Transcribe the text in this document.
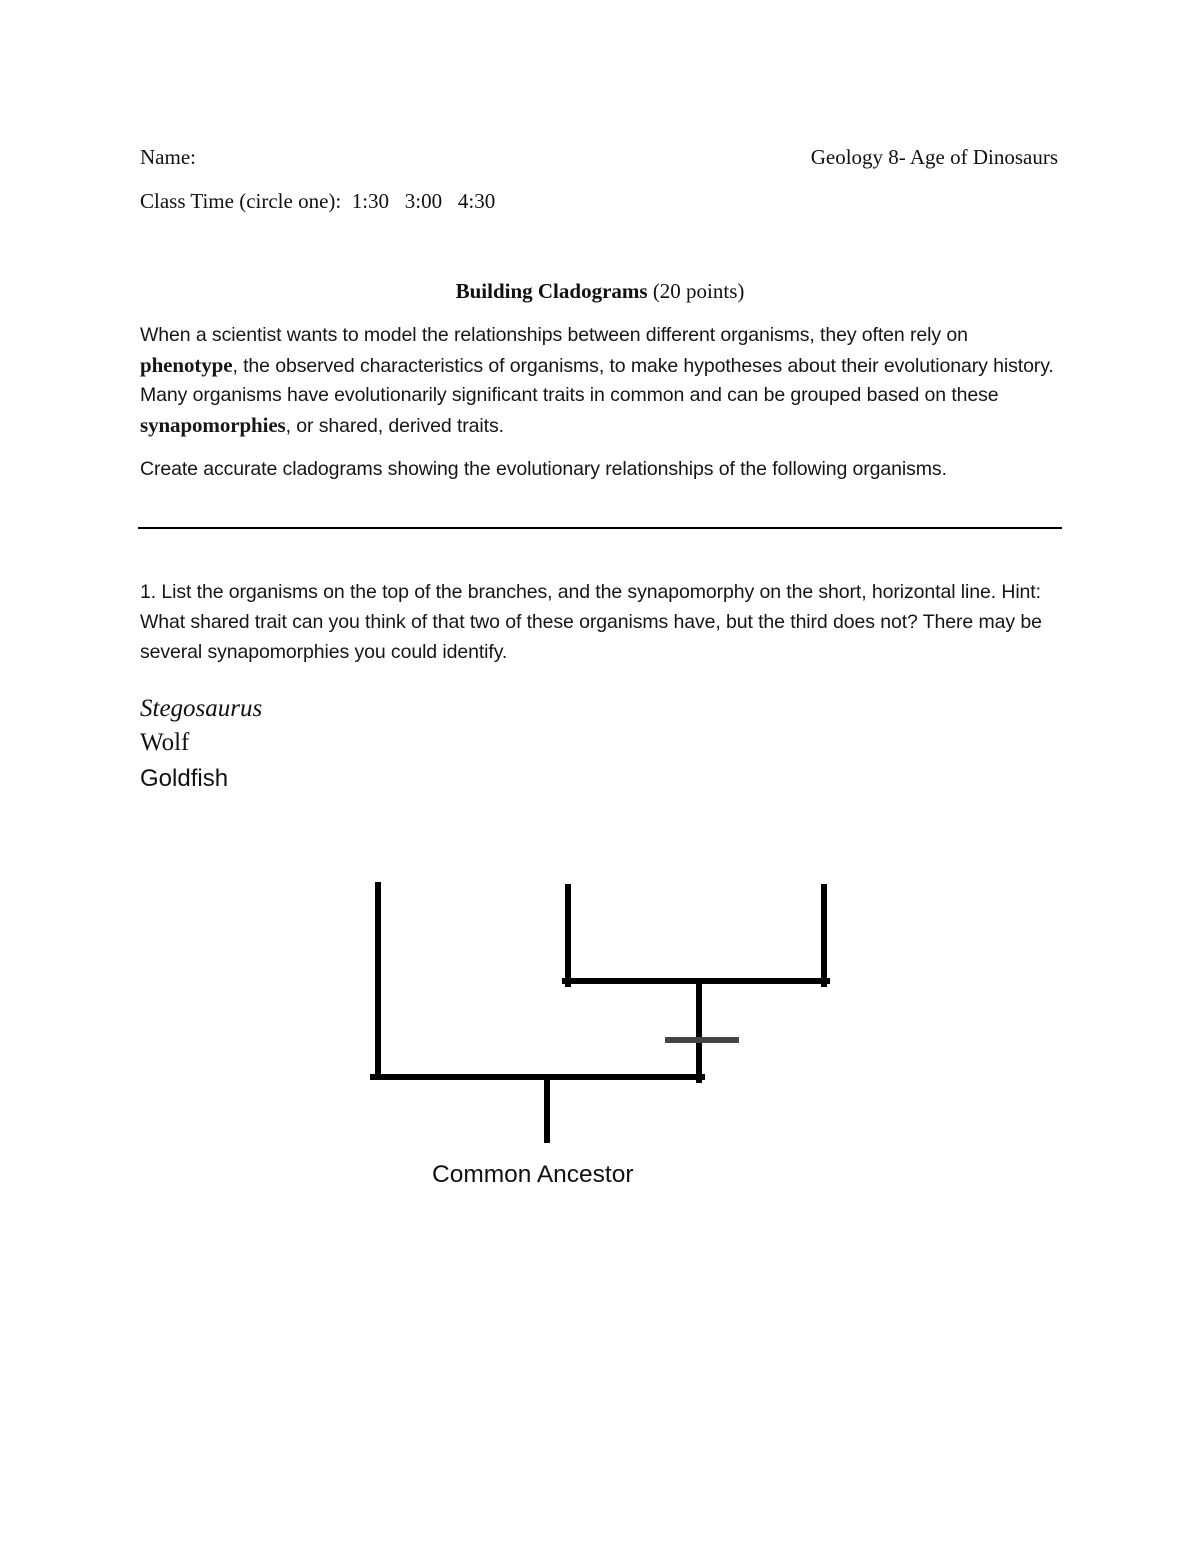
Name:	Geology 8- Age of Dinosaurs
Class Time (circle one):  1:30   3:00   4:30
Building Cladograms (20 points)
When a scientist wants to model the relationships between different organisms, they often rely on phenotype, the observed characteristics of organisms, to make hypotheses about their evolutionary history. Many organisms have evolutionarily significant traits in common and can be grouped based on these synapomorphies, or shared, derived traits.
Create accurate cladograms showing the evolutionary relationships of the following organisms.
1. List the organisms on the top of the branches, and the synapomorphy on the short, horizontal line. Hint: What shared trait can you think of that two of these organisms have, but the third does not? There may be several synapomorphies you could identify.
Stegosaurus
Wolf
Goldfish
Common Ancestor
